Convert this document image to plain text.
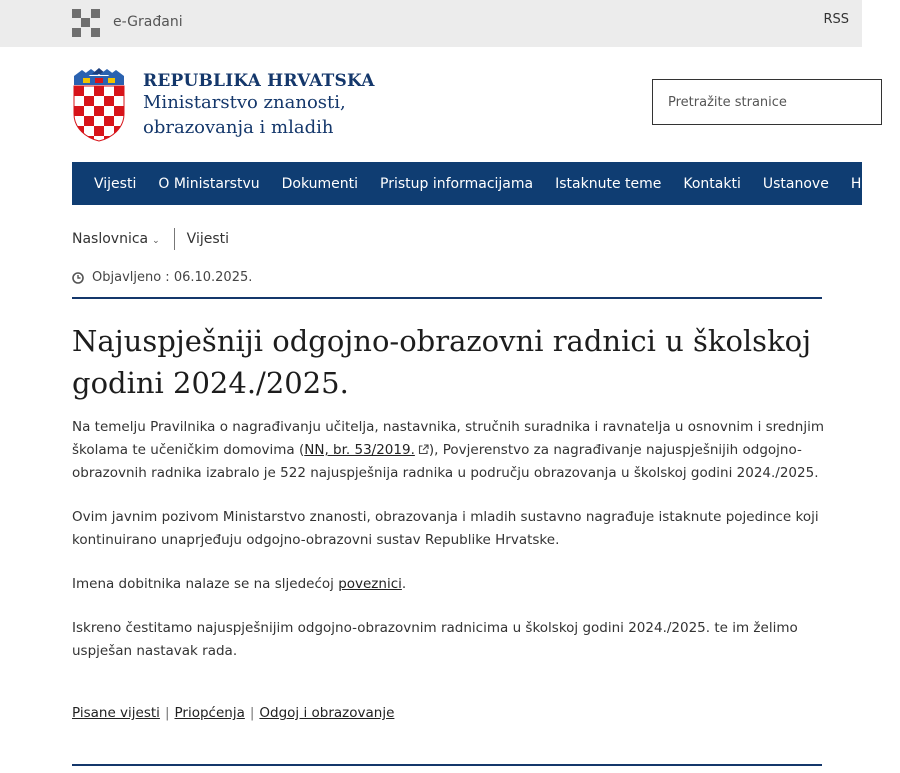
e-Građani	RSS
REPUBLIKA HRVATSKA
Ministarstvo znanosti,
obrazovanja i mladih
Pretražite stranice
Vijesti	O Ministarstvu	Dokumenti	Pristup informacijama	Istaknute teme	Kontakti	Ustanove	HITNI
Naslovnica ⌄	Vijesti
Objavljeno : 06.10.2025.
Najuspješniji odgojno-obrazovni radnici u školskoj godini 2024./2025.

Na temelju Pravilnika o nagrađivanju učitelja, nastavnika, stručnih suradnika i ravnatelja u osnovnim i srednjim školama te učeničkim domovima (NN, br. 53/2019. ), Povjerenstvo za nagrađivanje najuspješnijih odgojno-obrazovnih radnika izabralo je 522 najuspješnija radnika u području obrazovanja u školskoj godini 2024./2025.

Ovim javnim pozivom Ministarstvo znanosti, obrazovanja i mladih sustavno nagrađuje istaknute pojedince koji kontinuirano unaprjeđuju odgojno-obrazovni sustav Republike Hrvatske.

Imena dobitnika nalaze se na sljedećoj poveznici.

Iskreno čestitamo najuspješnijim odgojno-obrazovnim radnicima u školskoj godini 2024./2025. te im želimo uspješan nastavak rada.

Pisane vijesti | Priopćenja | Odgoj i obrazovanje
